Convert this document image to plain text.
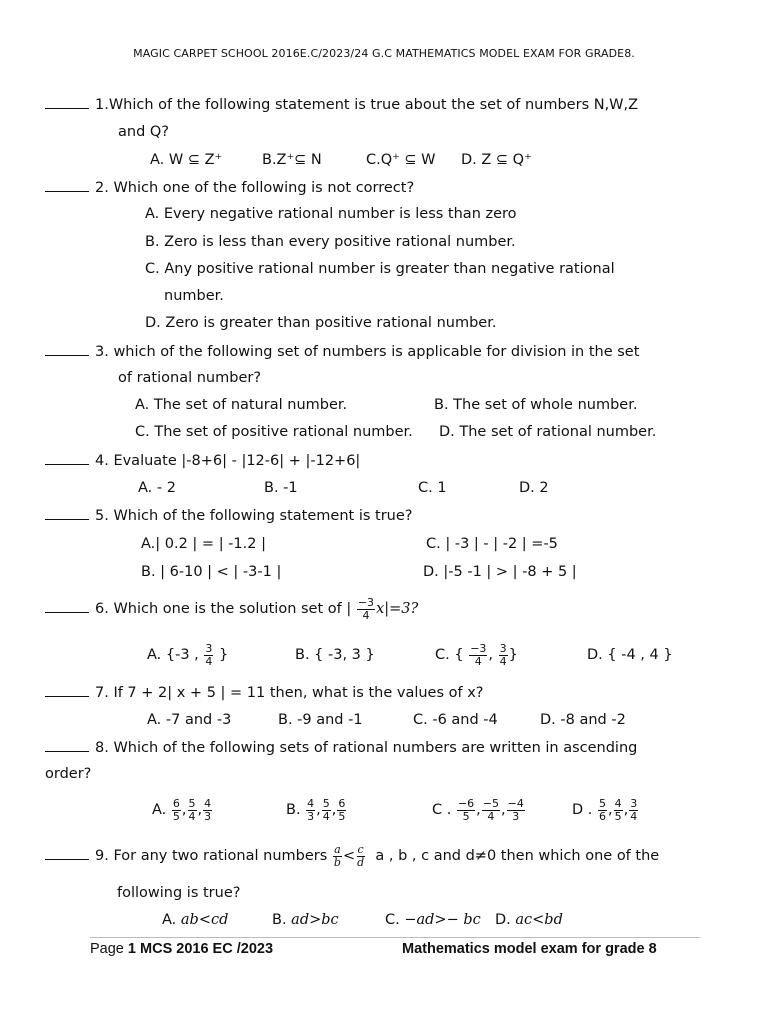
MAGIC CARPET SCHOOL 2016E.C/2023/24 G.C MATHEMATICS MODEL EXAM FOR GRADE8.
1.Which of the following statement is true about the set of numbers N,W,Z
and Q?
A. W ⊆ Z⁺	B.Z⁺⊆ N	C.Q⁺ ⊆ W D. Z ⊆ Q⁺
2. Which one of the following is not correct?
A. Every negative rational number is less than zero
B. Zero is less than every positive rational number.
C. Any positive rational number is greater than negative rational
number.
D. Zero is greater than positive rational number.
3. which of the following set of numbers is applicable for division in the set
of rational number?
A. The set of natural number.	B. The set of whole number.
C. The set of positive rational number. D. The set of rational number.
4. Evaluate |-8+6| - |12-6| + |-12+6|
A. - 2	B. -1	C. 1	D. 2
5. Which of the following statement is true?
A.| 0.2 | = | -1.2 |	C. | -3 | - | -2 | =-5
B. | 6-10 | < | -3-1 |	D. |-5 -1 | > | -8 + 5 |
6. Which one is the solution set of | $\frac{-3}{4} x|=3$?
A. {-3 , $\frac{3}{4}$ }	B. { -3, 3 }	C. { $\frac{-3}{4}$ , $\frac{3}{4}$ }	D. { -4 , 4 }
7. If 7 + 2| x + 5 | = 11 then, what is the values of x?
A. -7 and -3	B. -9 and -1	C. -6 and -4	D. -8 and -2
8. Which of the following sets of rational numbers are written in ascending
order?
A. $\frac{6}{5}$ , $\frac{5}{4}$ , $\frac{4}{3}$	B. $\frac{4}{3}$ , $\frac{5}{4}$ , $\frac{6}{5}$	C . $\frac{-6}{5}$ , $\frac{-5}{4}$ , $\frac{-4}{3}$	D . $\frac{5}{6}$ , $\frac{4}{5}$ , $\frac{3}{4}$
9. For any two rational numbers $\frac{a}{b} < \frac{c}{d}$ a , b , c and d≠0 then which one of the
following is true?
A. ab<cd	B. ad>bc	C. −ad>− bc D. ac<bd
Page 1 MCS 2016 EC /2023	Mathematics model exam for grade 8
